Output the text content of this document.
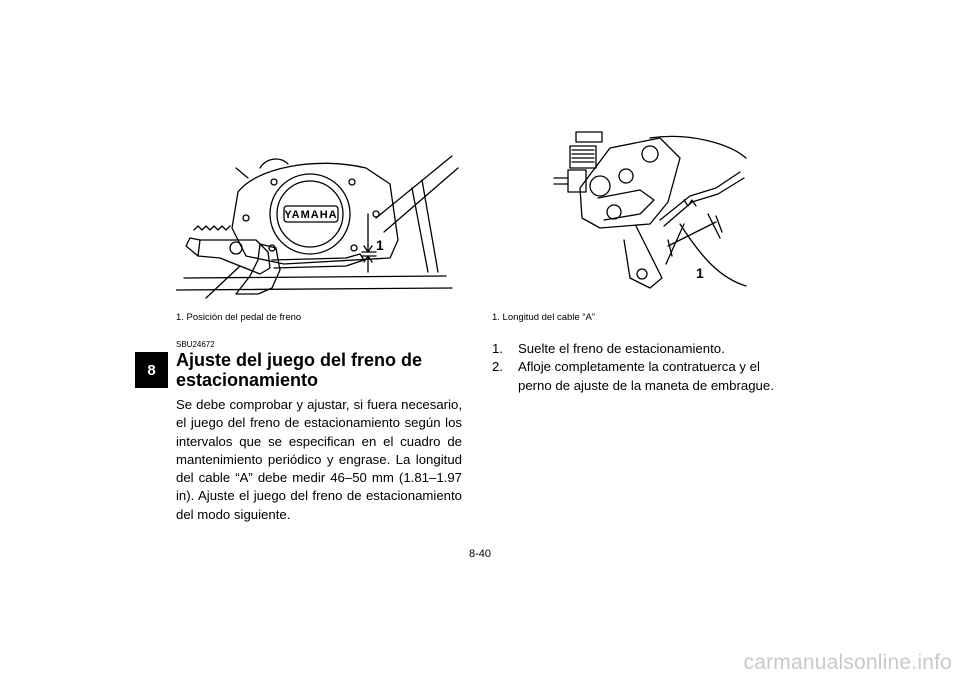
8
YAMAHA
1
1. Posición del pedal de freno
1
1. Longitud del cable “A”
SBU24672
Ajuste del juego del freno de estacionamiento

Se debe comprobar y ajustar, si fuera necesario, el juego del freno de estacionamiento según los intervalos que se especifican en el cuadro de mantenimiento periódico y engrase. La longitud del cable “A” debe medir 46–50 mm (1.81–1.97 in). Ajuste el juego del freno de estacionamiento del modo siguiente.

1.	Suelte el freno de estacionamiento.
2.	Afloje completamente la contratuerca y el perno de ajuste de la maneta de embrague.
8-40
carmanualsonline.info
